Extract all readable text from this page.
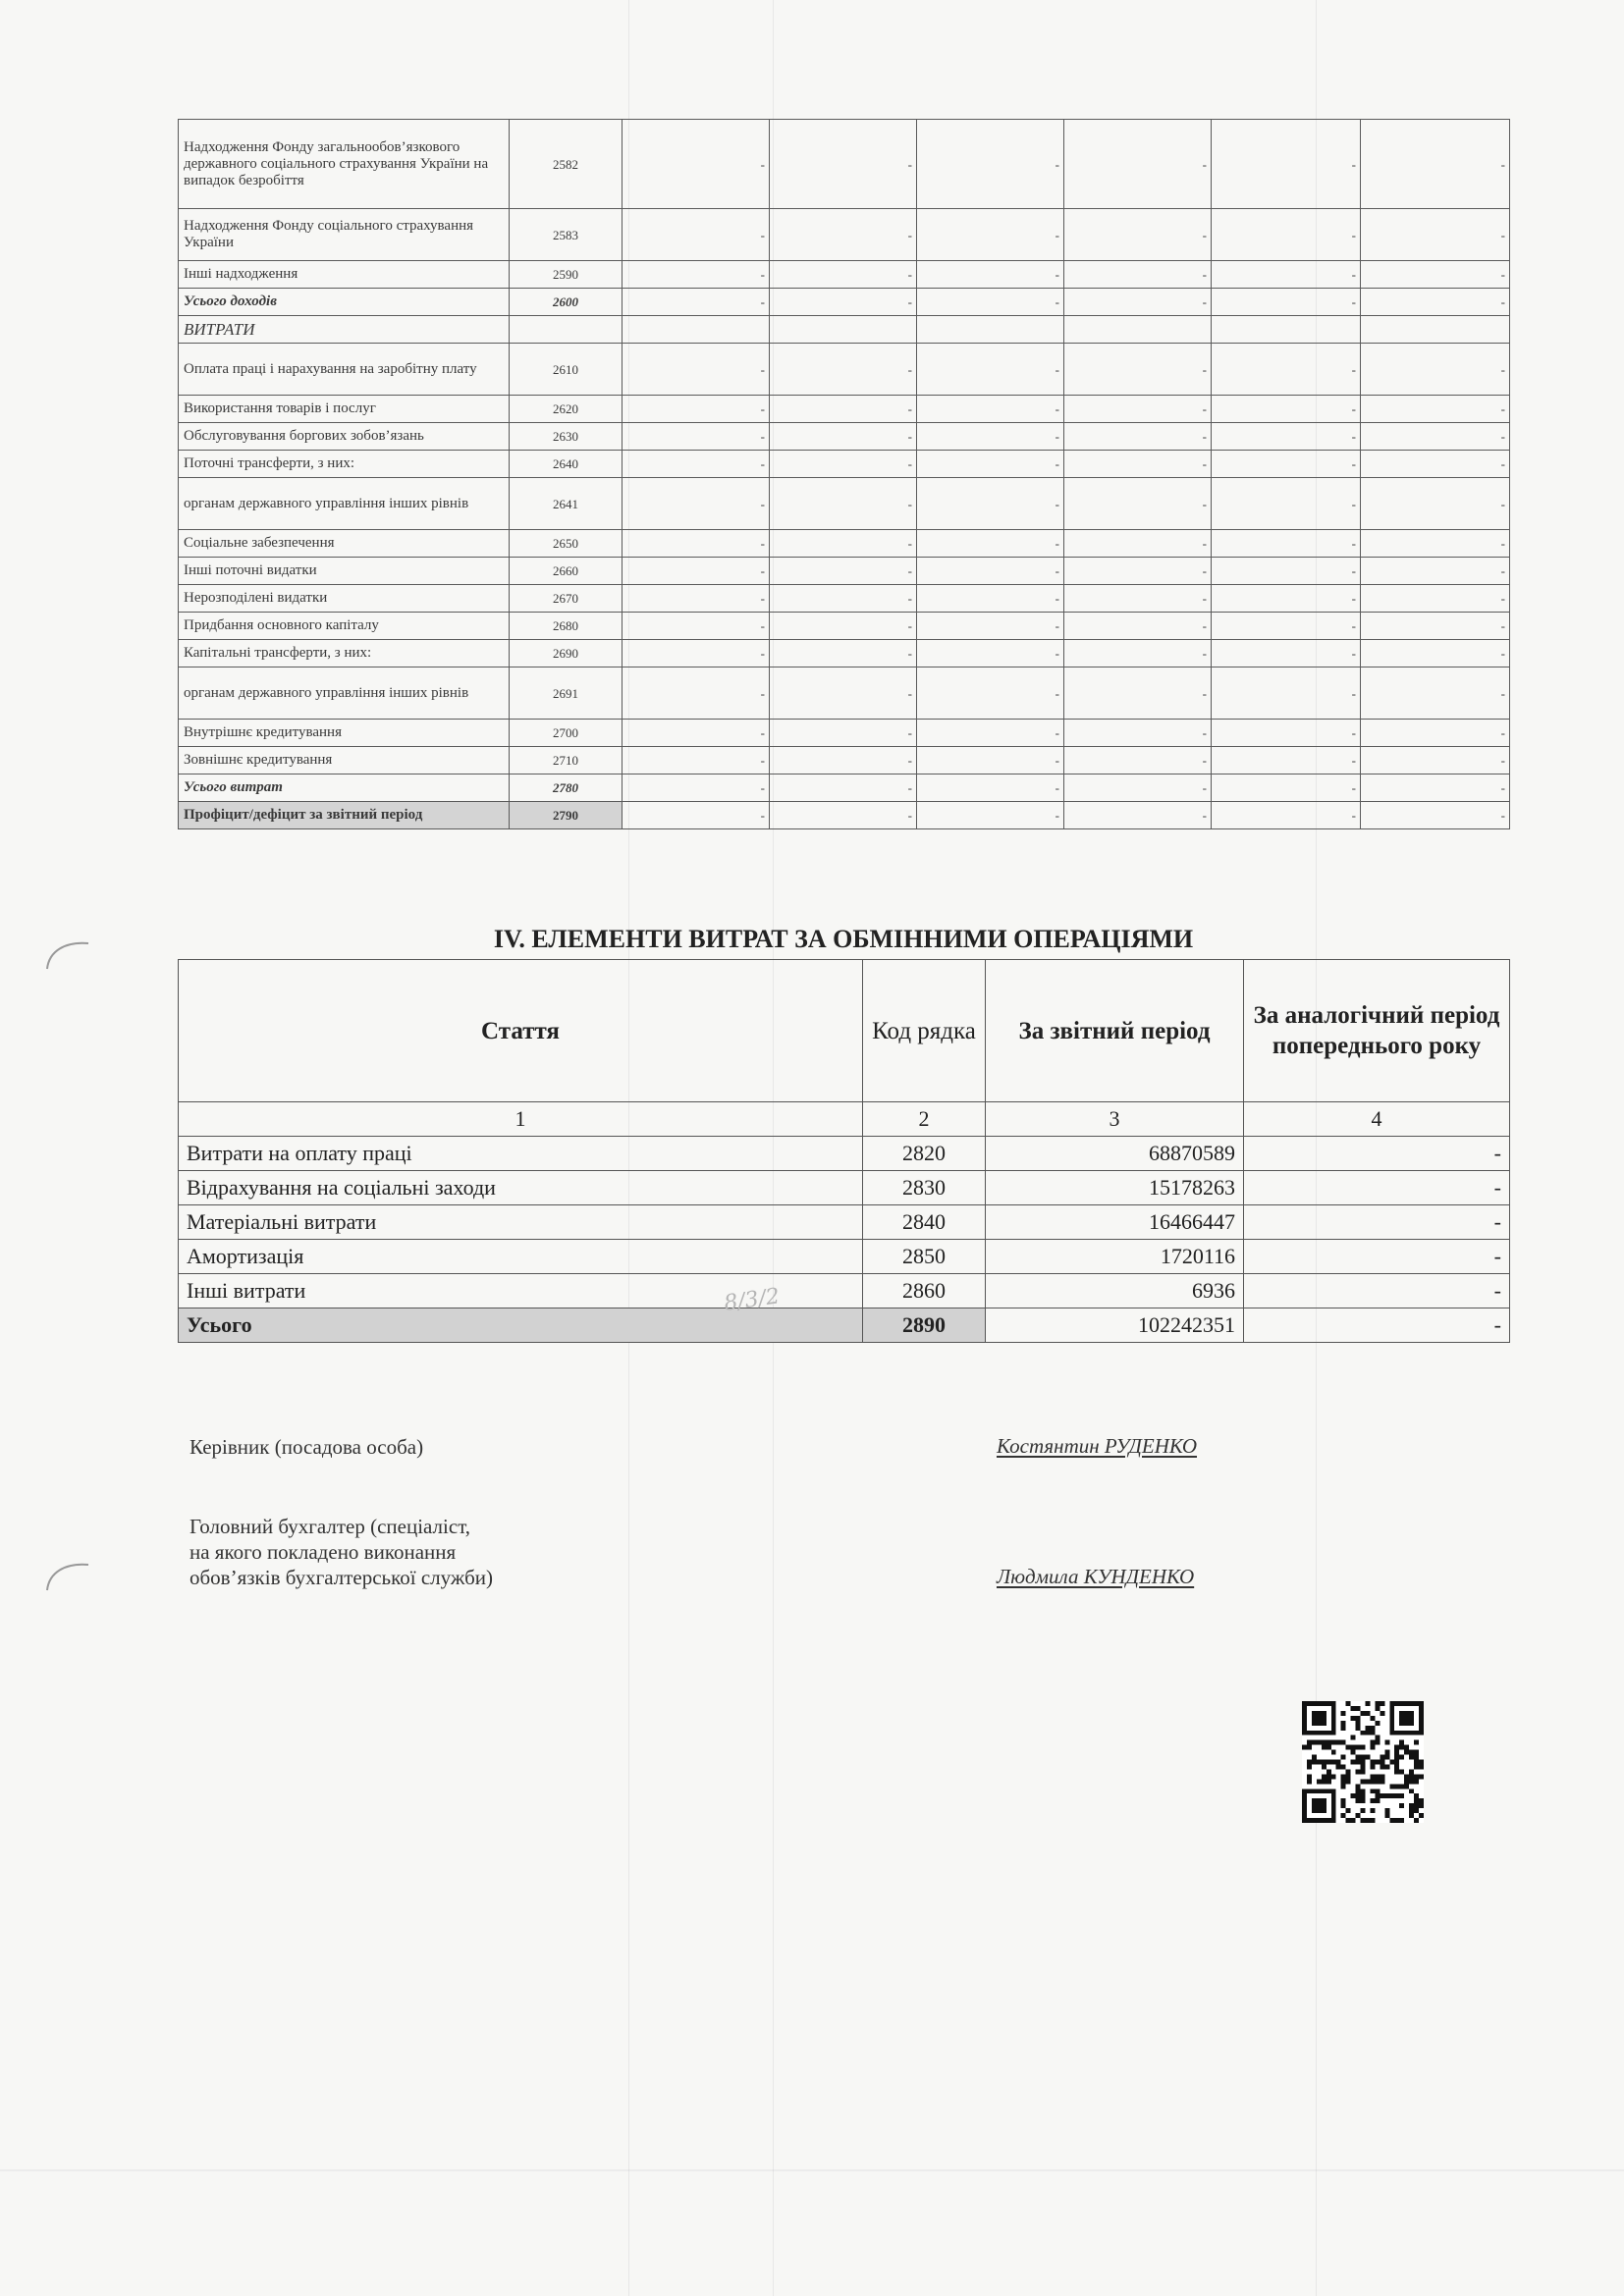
Надходження Фонду загальнообов’язкового державного соціального страхування України на випадок безробіття	2582	-	-	-	-	-	-
Надходження Фонду соціального страхування України	2583	-	-	-	-	-	-
Інші надходження	2590	-	-	-	-	-	-
Усього доходів	2600	-	-	-	-	-	-
ВИТРАТИ							
Оплата праці і нарахування на заробітну плату	2610	-	-	-	-	-	-
Використання товарів і послуг	2620	-	-	-	-	-	-
Обслуговування боргових зобов’язань	2630	-	-	-	-	-	-
Поточні трансферти, з них:	2640	-	-	-	-	-	-
органам державного управління інших рівнів	2641	-	-	-	-	-	-
Соціальне забезпечення	2650	-	-	-	-	-	-
Інші поточні видатки	2660	-	-	-	-	-	-
Нерозподілені видатки	2670	-	-	-	-	-	-
Придбання основного капіталу	2680	-	-	-	-	-	-
Капітальні трансферти, з них:	2690	-	-	-	-	-	-
органам державного управління інших рівнів	2691	-	-	-	-	-	-
Внутрішнє кредитування	2700	-	-	-	-	-	-
Зовнішнє кредитування	2710	-	-	-	-	-	-
Усього витрат	2780	-	-	-	-	-	-
Профіцит/дефіцит за звітний період	2790	-	-	-	-	-	-
IV. ЕЛЕМЕНТИ ВИТРАТ ЗА ОБМІННИМИ ОПЕРАЦІЯМИ
Стаття	Код рядка	За звітний період	За аналогічний період попереднього року
1	2	3	4
Витрати на оплату праці	2820	68870589	-
Відрахування на соціальні заходи	2830	15178263	-
Матеріальні витрати	2840	16466447	-
Амортизація	2850	1720116	-
Інші витрати	2860	6936	-
Усього	2890	102242351	-
8/3/2
Керівник (посадова особа)	Костянтин РУДЕНКО
Головний бухгалтер (спеціаліст,
на якого покладено виконання
обов’язків бухгалтерської служби)	Людмила КУНДЕНКО
